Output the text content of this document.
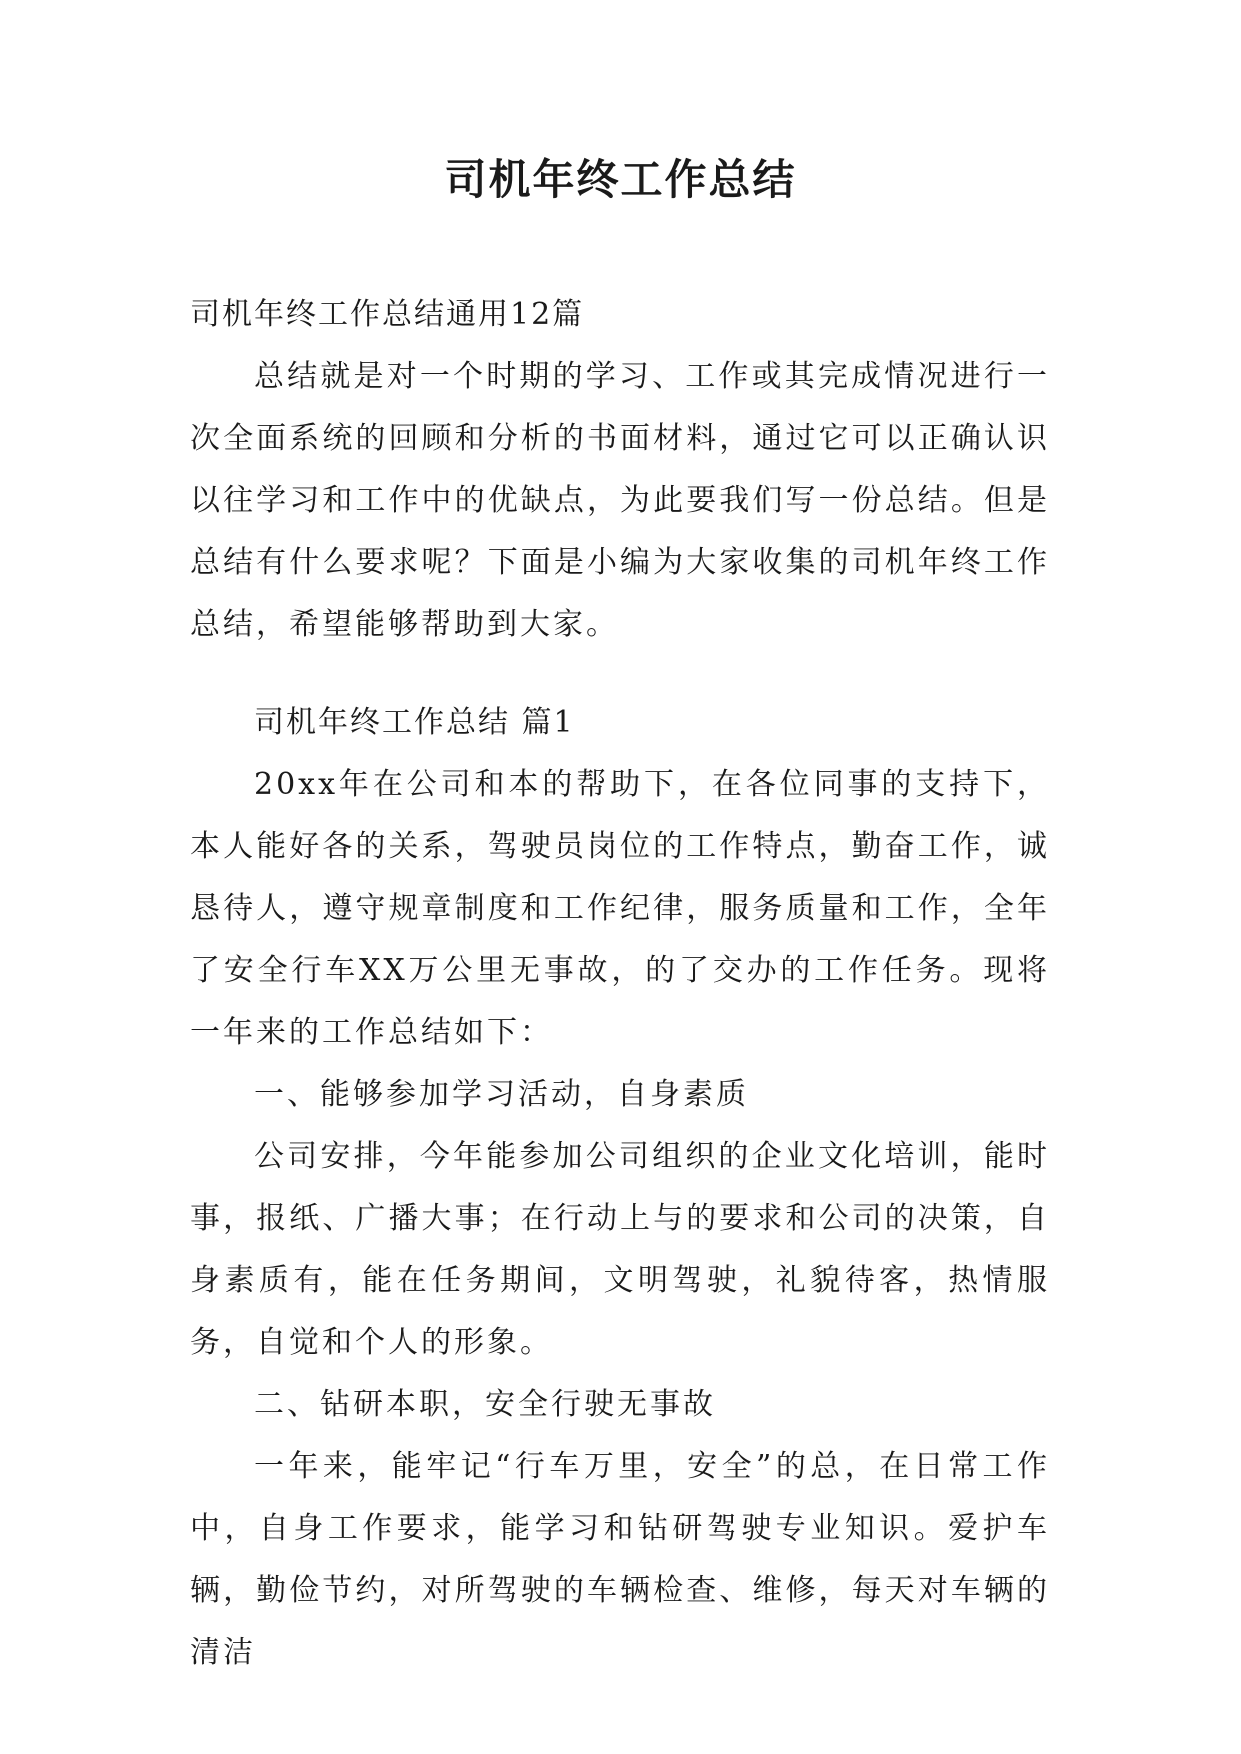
司机年终工作总结

司机年终工作总结通用12篇

总结就是对一个时期的学习、工作或其完成情况进行一次全面系统的回顾和分析的书面材料，通过它可以正确认识以往学习和工作中的优缺点，为此要我们写一份总结。但是总结有什么要求呢？下面是小编为大家收集的司机年终工作总结，希望能够帮助到大家。

司机年终工作总结 篇1

20xx年在公司和本的帮助下，在各位同事的支持下，本人能好各的关系，驾驶员岗位的工作特点，勤奋工作，诚恳待人，遵守规章制度和工作纪律，服务质量和工作，全年了安全行车XX万公里无事故，的了交办的工作任务。现将一年来的工作总结如下：

一、能够参加学习活动，自身素质

公司安排，今年能参加公司组织的企业文化培训，能时事，报纸、广播大事；在行动上与的要求和公司的决策，自身素质有，能在任务期间，文明驾驶，礼貌待客，热情服务，自觉和个人的形象。

二、钻研本职，安全行驶无事故

一年来，能牢记“行车万里，安全”的总，在日常工作中，自身工作要求，能学习和钻研驾驶专业知识。爱护车辆，勤俭节约，对所驾驶的车辆检查、维修，每天对车辆的清洁
